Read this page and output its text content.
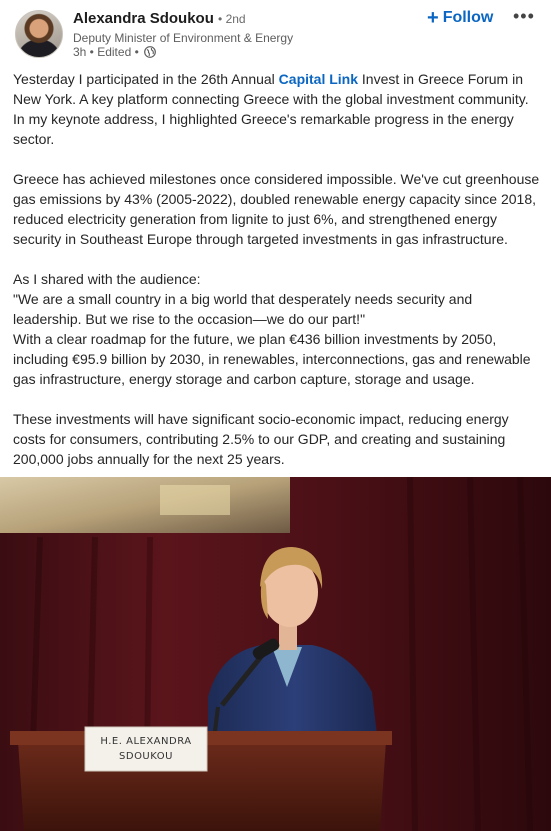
Alexandra Sdoukou • 2nd
Deputy Minister of Environment & Energy
3h • Edited •
+ Follow •••

Yesterday I participated in the 26th Annual Capital Link Invest in Greece Forum in New York. A key platform connecting Greece with the global investment community. In my keynote address, I highlighted Greece's remarkable progress in the energy sector.

Greece has achieved milestones once considered impossible. We've cut greenhouse gas emissions by 43% (2005-2022), doubled renewable energy capacity since 2018, reduced electricity generation from lignite to just 6%, and strengthened energy security in Southeast Europe through targeted investments in gas infrastructure.

As I shared with the audience:

"We are a small country in a big world that desperately needs security and leadership. But we rise to the occasion—we do our part!"

With a clear roadmap for the future, we plan €436 billion investments by 2050, including €95.9 billion by 2030, in renewables, interconnections, gas and renewable gas infrastructure, energy storage and carbon capture, storage and usage.

These investments will have significant socio-economic impact, reducing energy costs for consumers, contributing 2.5% to our GDP, and creating and sustaining 200,000 jobs annually for the next 25 years.

H.E. ALEXANDRA SDOUKOU
